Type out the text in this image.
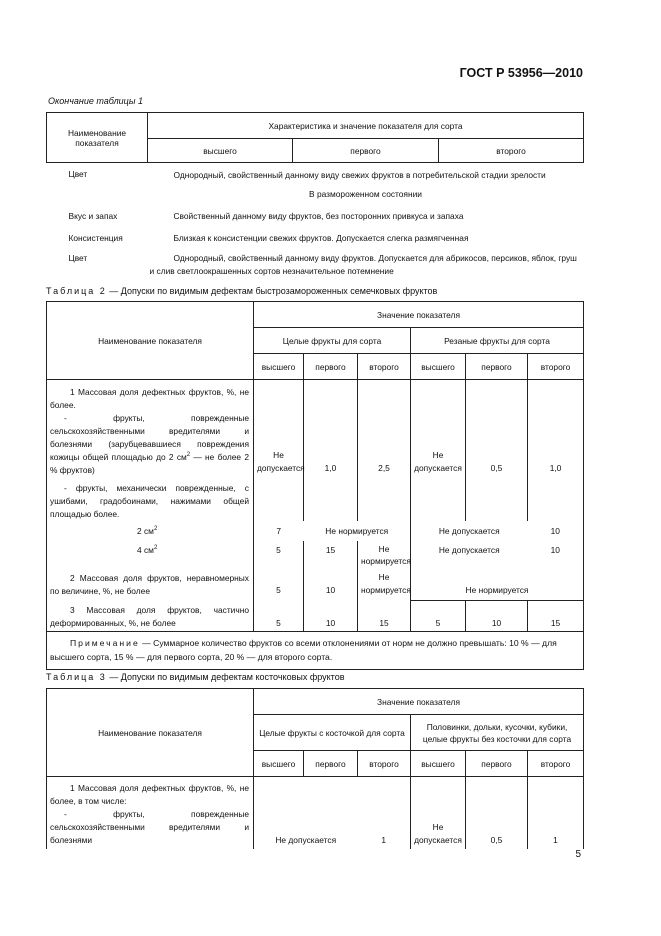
ГОСТ Р 53956—2010
Окончание таблицы 1
Наименование показателя	Характеристика и значение показателя для сорта		
	высшего	первого	второго
Цвет	Однородный, свойственный данному виду свежих фруктов в потребительской стадии зрелости		
	В размороженном состоянии		
Вкус и запах	Свойственный данному виду фруктов, без посторонних привкуса и запаха		
Консистенция	Близкая к консистенции свежих фруктов. Допускается слегка размягченная		
Цвет	Однородный, свойственный данному виду фруктов. Допускается для абрикосов, персиков, яблок, груш и слив светлоокрашенных сортов незначительное потемнение		
Таблица 2 — Допуски по видимым дефектам быстрозамороженных семечковых фруктов
Наименование показателя	Значение показателя					
	Целые фрукты для сорта			Резаные фрукты для сорта		
	высшего	первого	второго	высшего	первого	второго

1 Массовая доля дефектных фруктов, %, не более.
- фрукты, поврежденные сельскохозяйственными вредителями и болезнями (зарубцевавшиеся повреждения кожицы общей площадью до 2 $см^2$ — не более 2 % фруктов)	Не допускается	1,0	2,5	Не допускается	0,5	1,0
- фрукты, механически поврежденные, с ушибами, градобоинами, нажимами общей площадью более.						
2 $см^2$	7	Не нормируется		Не допускается		10
4 $см^2$	5	15	Не нормируется	Не допускается		10
2 Массовая доля фруктов, неравномерных по величине, %, не более	5	10	Не нормируется	Не нормируется		
3 Массовая доля фруктов, частично деформированных, %, не более	5	10	15	5	10	15
Примечание — Суммарное количество фруктов со всеми отклонениями от норм не должно превышать: 10 % — для высшего сорта, 15 % — для первого сорта, 20 % — для второго сорта.						
Таблица 3 — Допуски по видимым дефектам косточковых фруктов
Наименование показателя	Значение показателя					
	Целые фрукты с косточкой для сорта			Половинки, дольки, кусочки, кубики, целые фрукты без косточки для сорта		
	высшего	первого	второго	высшего	первого	второго

1 Массовая доля дефектных фруктов, %, не более, в том числе:
- фрукты, поврежденные сельскохозяйственными вредителями и болезнями	Не допускается		1	Не допускается	0,5	1
5
